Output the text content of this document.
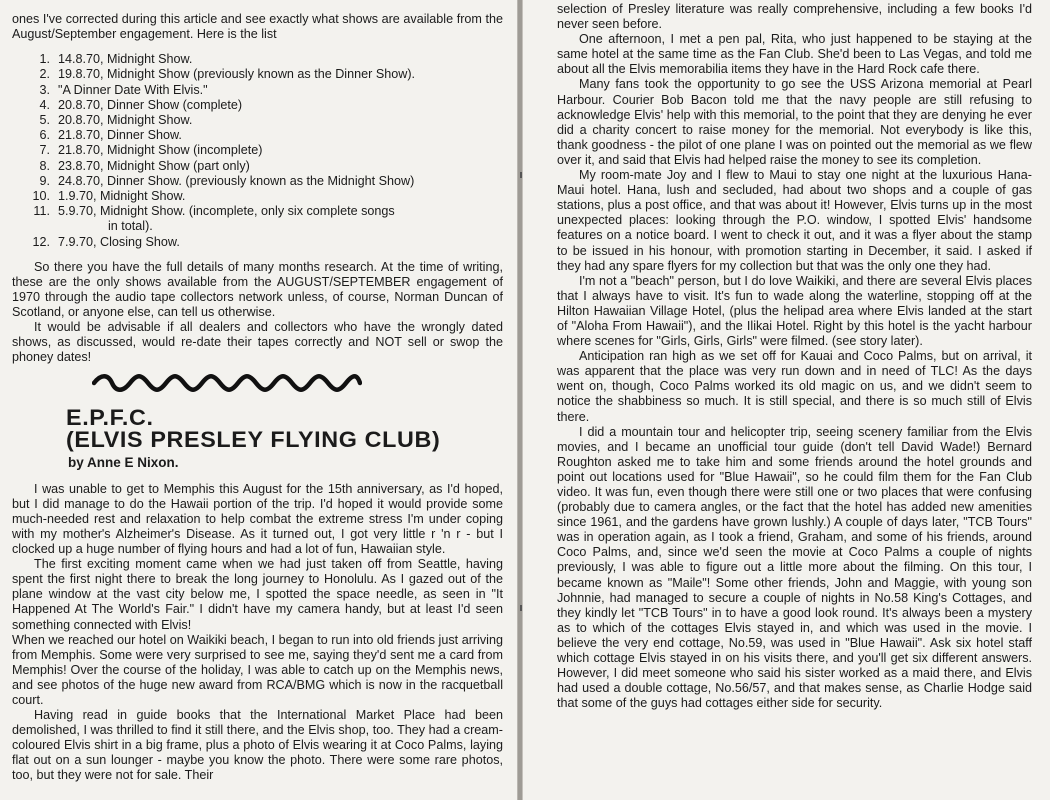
ones I've corrected during this article and see exactly what shows are available from the August/September engagement. Here is the list

1. 14.8.70, Midnight Show.
2. 19.8.70, Midnight Show (previously known as the Dinner Show).
3. "A Dinner Date With Elvis."
4. 20.8.70, Dinner Show (complete)
5. 20.8.70, Midnight Show.
6. 21.8.70, Dinner Show.
7. 21.8.70, Midnight Show (incomplete)
8. 23.8.70, Midnight Show (part only)
9. 24.8.70, Dinner Show. (previously known as the Midnight Show)
10. 1.9.70, Midnight Show.
11. 5.9.70, Midnight Show. (incomplete, only six complete songs
in total).
12. 7.9.70, Closing Show.

So there you have the full details of many months research. At the time of writing, these are the only shows available from the AUGUST/SEPTEMBER engagement of 1970 through the audio tape collectors network unless, of course, Norman Duncan of Scotland, or anyone else, can tell us otherwise.

It would be advisable if all dealers and collectors who have the wrongly dated shows, as discussed, would re-date their tapes correctly and NOT sell or swop the phoney dates!

E.P.F.C.
(ELVIS PRESLEY FLYING CLUB)
by Anne E Nixon.

I was unable to get to Memphis this August for the 15th anniversary, as I'd hoped, but I did manage to do the Hawaii portion of the trip. I'd hoped it would provide some much-needed rest and relaxation to help combat the extreme stress I'm under coping with my mother's Alzheimer's Disease. As it turned out, I got very little r 'n r - but I clocked up a huge number of flying hours and had a lot of fun, Hawaiian style.

The first exciting moment came when we had just taken off from Seattle, having spent the first night there to break the long journey to Honolulu. As I gazed out of the plane window at the vast city below me, I spotted the space needle, as seen in "It Happened At The World's Fair." I didn't have my camera handy, but at least I'd seen something connected with Elvis!

When we reached our hotel on Waikiki beach, I began to run into old friends just arriving from Memphis. Some were very surprised to see me, saying they'd sent me a card from Memphis! Over the course of the holiday, I was able to catch up on the Memphis news, and see photos of the huge new award from RCA/BMG which is now in the racquetball court.

Having read in guide books that the International Market Place had been demolished, I was thrilled to find it still there, and the Elvis shop, too. They had a cream-coloured Elvis shirt in a big frame, plus a photo of Elvis wearing it at Coco Palms, laying flat out on a sun lounger - maybe you know the photo. There were some rare photos, too, but they were not for sale. Their

selection of Presley literature was really comprehensive, including a few books I'd never seen before.

One afternoon, I met a pen pal, Rita, who just happened to be staying at the same hotel at the same time as the Fan Club. She'd been to Las Vegas, and told me about all the Elvis memorabilia items they have in the Hard Rock cafe there.

Many fans took the opportunity to go see the USS Arizona memorial at Pearl Harbour. Courier Bob Bacon told me that the navy people are still refusing to acknowledge Elvis' help with this memorial, to the point that they are denying he ever did a charity concert to raise money for the memorial. Not everybody is like this, thank goodness - the pilot of one plane I was on pointed out the memorial as we flew over it, and said that Elvis had helped raise the money to see its completion.

My room-mate Joy and I flew to Maui to stay one night at the luxurious Hana-Maui hotel. Hana, lush and secluded, had about two shops and a couple of gas stations, plus a post office, and that was about it! However, Elvis turns up in the most unexpected places: looking through the P.O. window, I spotted Elvis' handsome features on a notice board. I went to check it out, and it was a flyer about the stamp to be issued in his honour, with promotion starting in December, it said. I asked if they had any spare flyers for my collection but that was the only one they had.

I'm not a "beach" person, but I do love Waikiki, and there are several Elvis places that I always have to visit. It's fun to wade along the waterline, stopping off at the Hilton Hawaiian Village Hotel, (plus the helipad area where Elvis landed at the start of "Aloha From Hawaii"), and the Ilikai Hotel. Right by this hotel is the yacht harbour where scenes for "Girls, Girls, Girls" were filmed. (see story later).

Anticipation ran high as we set off for Kauai and Coco Palms, but on arrival, it was apparent that the place was very run down and in need of TLC! As the days went on, though, Coco Palms worked its old magic on us, and we didn't seem to notice the shabbiness so much. It is still special, and there is so much still of Elvis there.

I did a mountain tour and helicopter trip, seeing scenery familiar from the Elvis movies, and I became an unofficial tour guide (don't tell David Wade!) Bernard Roughton asked me to take him and some friends around the hotel grounds and point out locations used for "Blue Hawaii", so he could film them for the Fan Club video. It was fun, even though there were still one or two places that were confusing (probably due to camera angles, or the fact that the hotel has added new amenities since 1961, and the gardens have grown lushly.) A couple of days later, "TCB Tours" was in operation again, as I took a friend, Graham, and some of his friends, around Coco Palms, and, since we'd seen the movie at Coco Palms a couple of nights previously, I was able to figure out a little more about the filming. On this tour, I became known as "Maile"! Some other friends, John and Maggie, with young son Johnnie, had managed to secure a couple of nights in No.58 King's Cottages, and they kindly let "TCB Tours" in to have a good look round. It's always been a mystery as to which of the cottages Elvis stayed in, and which was used in the movie. I believe the very end cottage, No.59, was used in "Blue Hawaii". Ask six hotel staff which cottage Elvis stayed in on his visits there, and you'll get six different answers. However, I did meet someone who said his sister worked as a maid there, and Elvis had used a double cottage, No.56/57, and that makes sense, as Charlie Hodge said that some of the guys had cottages either side for security.
